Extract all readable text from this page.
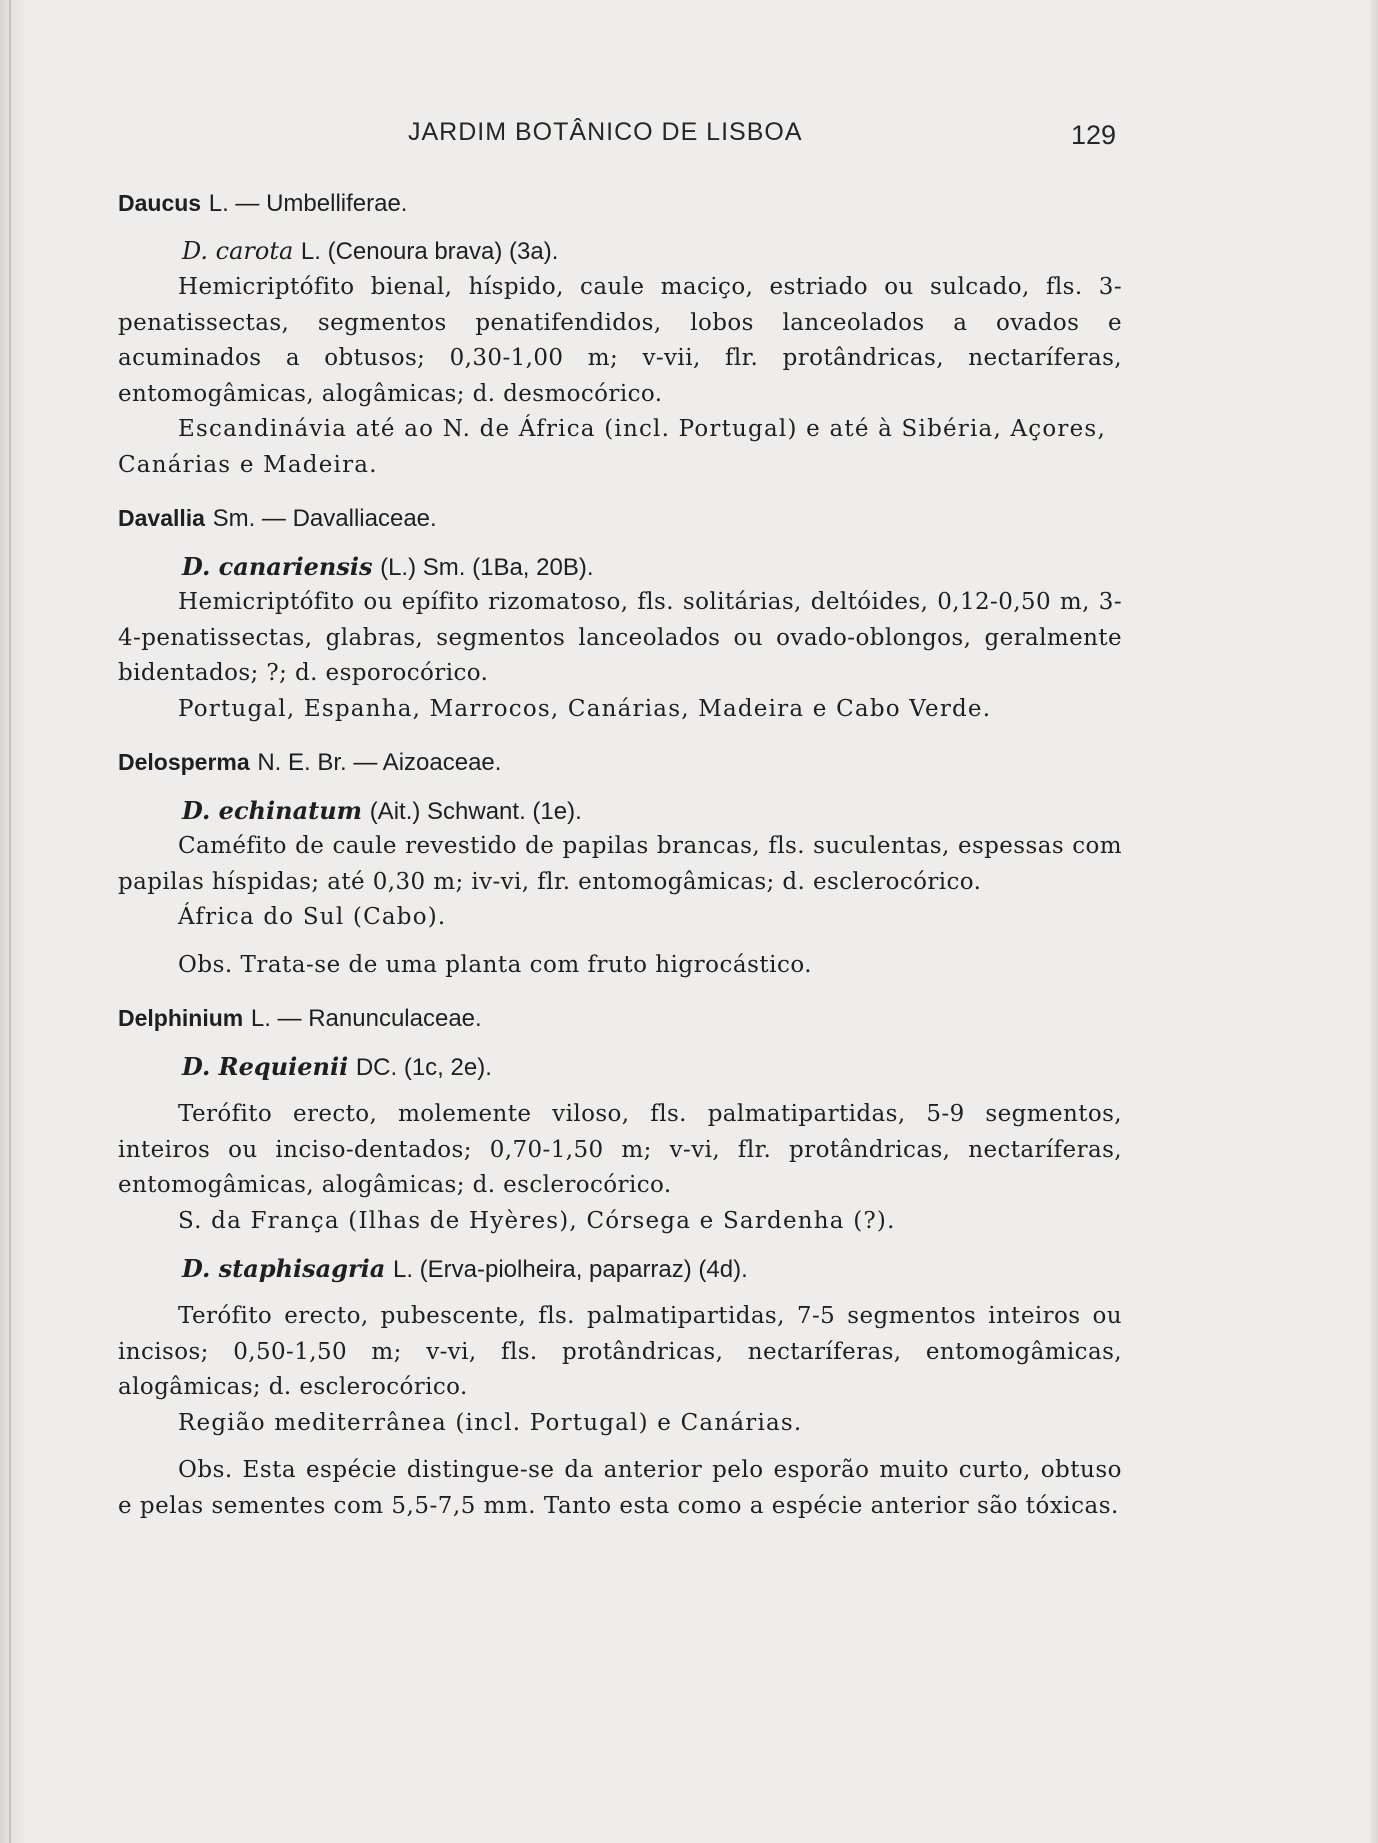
JARDIM BOTÂNICO DE LISBOA	129

Daucus L. — Umbelliferae.

D. carota L. (Cenoura brava) (3a).

Hemicriptófito bienal, híspido, caule maciço, estriado ou sulcado, fls. 3-penatissectas, segmentos penatifendidos, lobos lanceolados a ovados e acuminados a obtusos; 0,30-1,00 m; v-vii, flr. protândricas, nectaríferas, entomogâmicas, alogâmicas; d. desmocórico.

Escandinávia até ao N. de África (incl. Portugal) e até à Sibéria, Açores, Canárias e Madeira.

Davallia Sm. — Davalliaceae.

D. canariensis (L.) Sm. (1Ba, 20B).

Hemicriptófito ou epífito rizomatoso, fls. solitárias, deltóides, 0,12-0,50 m, 3-4-penatissectas, glabras, segmentos lanceolados ou ovado-oblongos, geralmente bidentados; ?; d. esporocórico.

Portugal, Espanha, Marrocos, Canárias, Madeira e Cabo Verde.

Delosperma N. E. Br. — Aizoaceae.

D. echinatum (Ait.) Schwant. (1e).

Caméfito de caule revestido de papilas brancas, fls. suculentas, espessas com papilas híspidas; até 0,30 m; iv-vi, flr. entomogâmicas; d. esclerocórico.

África do Sul (Cabo).

Obs. Trata-se de uma planta com fruto higrocástico.

Delphinium L. — Ranunculaceae.

D. Requienii DC. (1c, 2e).

Terófito erecto, molemente viloso, fls. palmatipartidas, 5-9 segmentos, inteiros ou inciso-dentados; 0,70-1,50 m; v-vi, flr. protândricas, nectaríferas, entomogâmicas, alogâmicas; d. esclerocórico.

S. da França (Ilhas de Hyères), Córsega e Sardenha (?).

D. staphisagria L. (Erva-piolheira, paparraz) (4d).

Terófito erecto, pubescente, fls. palmatipartidas, 7-5 segmentos inteiros ou incisos; 0,50-1,50 m; v-vi, fls. protândricas, nectaríferas, entomogâmicas, alogâmicas; d. esclerocórico.

Região mediterrânea (incl. Portugal) e Canárias.

Obs. Esta espécie distingue-se da anterior pelo esporão muito curto, obtuso e pelas sementes com 5,5-7,5 mm. Tanto esta como a espécie anterior são tóxicas.
